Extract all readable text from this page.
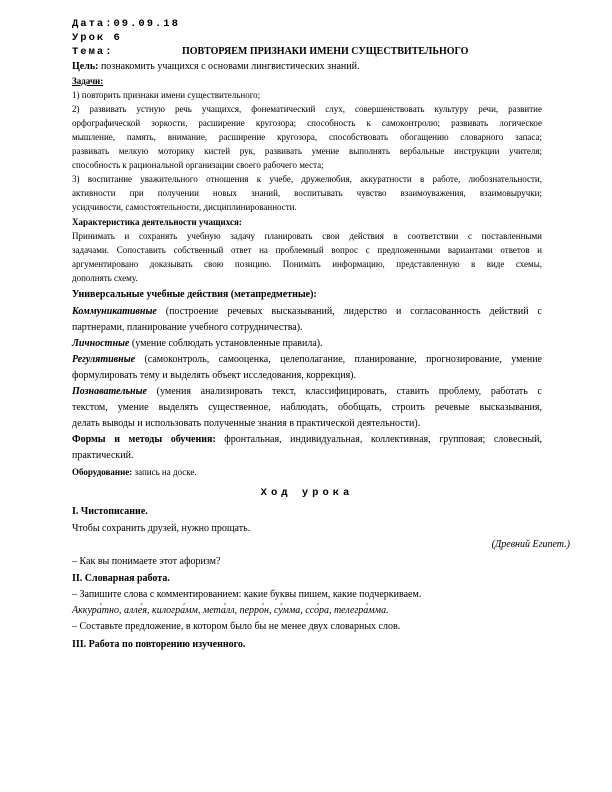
Дата:09.09.18
Урок 6
Тема:	ПОВТОРЯЕМ ПРИЗНАКИ ИМЕНИ СУЩЕСТВИТЕЛЬНОГО
Цель: познакомить учащихся с основами лингвистических знаний.
Задачи:
1) повторить признаки имени существительного;
2) развивать устную речь учащихся, фонематический слух, совершенствовать культуру речи, развитие
орфографической зоркости, расширение кругозора; способность к самоконтролю; развивать логическое
мышление, память, внимание, расширение кругозора, способствовать обогащению словарного запаса;
развивать мелкую моторику кистей рук, развивать умение выполнять вербальные инструкции учителя;
способность к рациональной организации своего рабочего места;
3) воспитание уважительного отношения к учебе, дружелюбия, аккуратности в работе, любознательности,
активности при получении новых знаний, воспитывать чувство взаимоуважения, взаимовыручки;
усидчивости, самостоятельности, дисциплинированности.
Характеристика деятельности учащихся:
Принимать и сохранять учебную задачу планировать свои действия в соответствии с поставленными
задачами. Сопоставить собственный ответ на проблемный вопрос с предложенными вариантами ответов и
аргументировано доказывать свою позицию. Понимать информацию, представленную в виде схемы,
дополнять схему.
Универсальные учебные действия (метапредметные):
Коммуникативные (построение речевых высказываний, лидерство и согласованность действий с
партнерами, планирование учебного сотрудничества).
Личностные (умение соблюдать установленные правила).
Регулятивные (самоконтроль, самооценка, целеполагание, планирование, прогнозирование, умение
формулировать тему и выделять объект исследования, коррекция).
Познавательные (умения анализировать текст, классифицировать, ставить проблему, работать с
текстом, умение выделять существенное, наблюдать, обобщать, строить речевые высказывания,
делать выводы и использовать полученные знания в практической деятельности).
Формы и методы обучения: фронтальная, индивидуальная, коллективная, групповая; словесный,
практический.
Оборудование: запись на доске.
Ход урока
I. Чистописание.
Чтобы сохранить друзей, нужно прощать.
(Древний Египет.)
– Как вы понимаете этот афоризм?
II. Словарная работа.
– Запишите слова с комментированием: какие буквы пишем, какие подчеркиваем.
Аккура́тно, алле́я, килогра́мм, мета́лл, перро́н, су́мма, ссо́ра, телегра́мма.
– Составьте предложение, в котором было бы не менее двух словарных слов.
III. Работа по повторению изученного.
